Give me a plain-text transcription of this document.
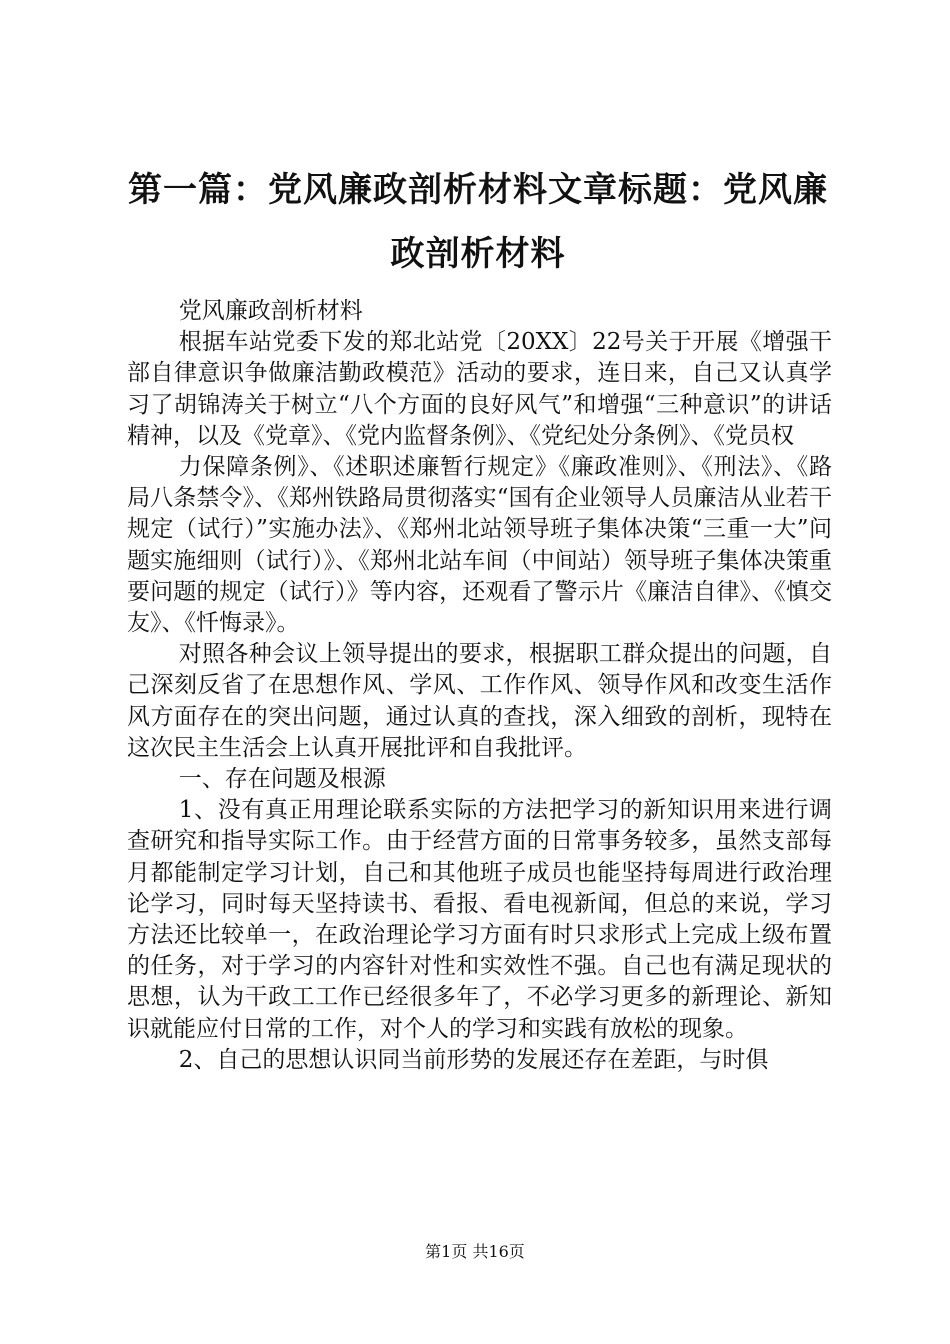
第一篇：党风廉政剖析材料文章标题：党风廉政剖析材料

党风廉政剖析材料

根据车站党委下发的郑北站党〔20XX〕22号关于开展《增强干部自律意识争做廉洁勤政模范》活动的要求，连日来，自己又认真学习了胡锦涛关于树立“八个方面的良好风气”和增强“三种意识”的讲话精神，以及《党章》、《党内监督条例》、《党纪处分条例》、《党员权

力保障条例》、《述职述廉暂行规定》《廉政准则》、《刑法》、《路局八条禁令》、《郑州铁路局贯彻落实“国有企业领导人员廉洁从业若干规定（试行）”实施办法》、《郑州北站领导班子集体决策“三重一大”问题实施细则（试行）》、《郑州北站车间（中间站）领导班子集体决策重要问题的规定（试行）》等内容，还观看了警示片《廉洁自律》、《慎交友》、《忏悔录》。

对照各种会议上领导提出的要求，根据职工群众提出的问题，自己深刻反省了在思想作风、学风、工作作风、领导作风和改变生活作风方面存在的突出问题，通过认真的查找，深入细致的剖析，现特在这次民主生活会上认真开展批评和自我批评。

一、存在问题及根源

1、没有真正用理论联系实际的方法把学习的新知识用来进行调查研究和指导实际工作。由于经营方面的日常事务较多，虽然支部每月都能制定学习计划，自己和其他班子成员也能坚持每周进行政治理论学习，同时每天坚持读书、看报、看电视新闻，但总的来说，学习方法还比较单一，在政治理论学习方面有时只求形式上完成上级布置的任务，对于学习的内容针对性和实效性不强。自己也有满足现状的思想，认为干政工工作已经很多年了，不必学习更多的新理论、新知识就能应付日常的工作，对个人的学习和实践有放松的现象。

2、自己的思想认识同当前形势的发展还存在差距，与时俱

第1页 共16页
